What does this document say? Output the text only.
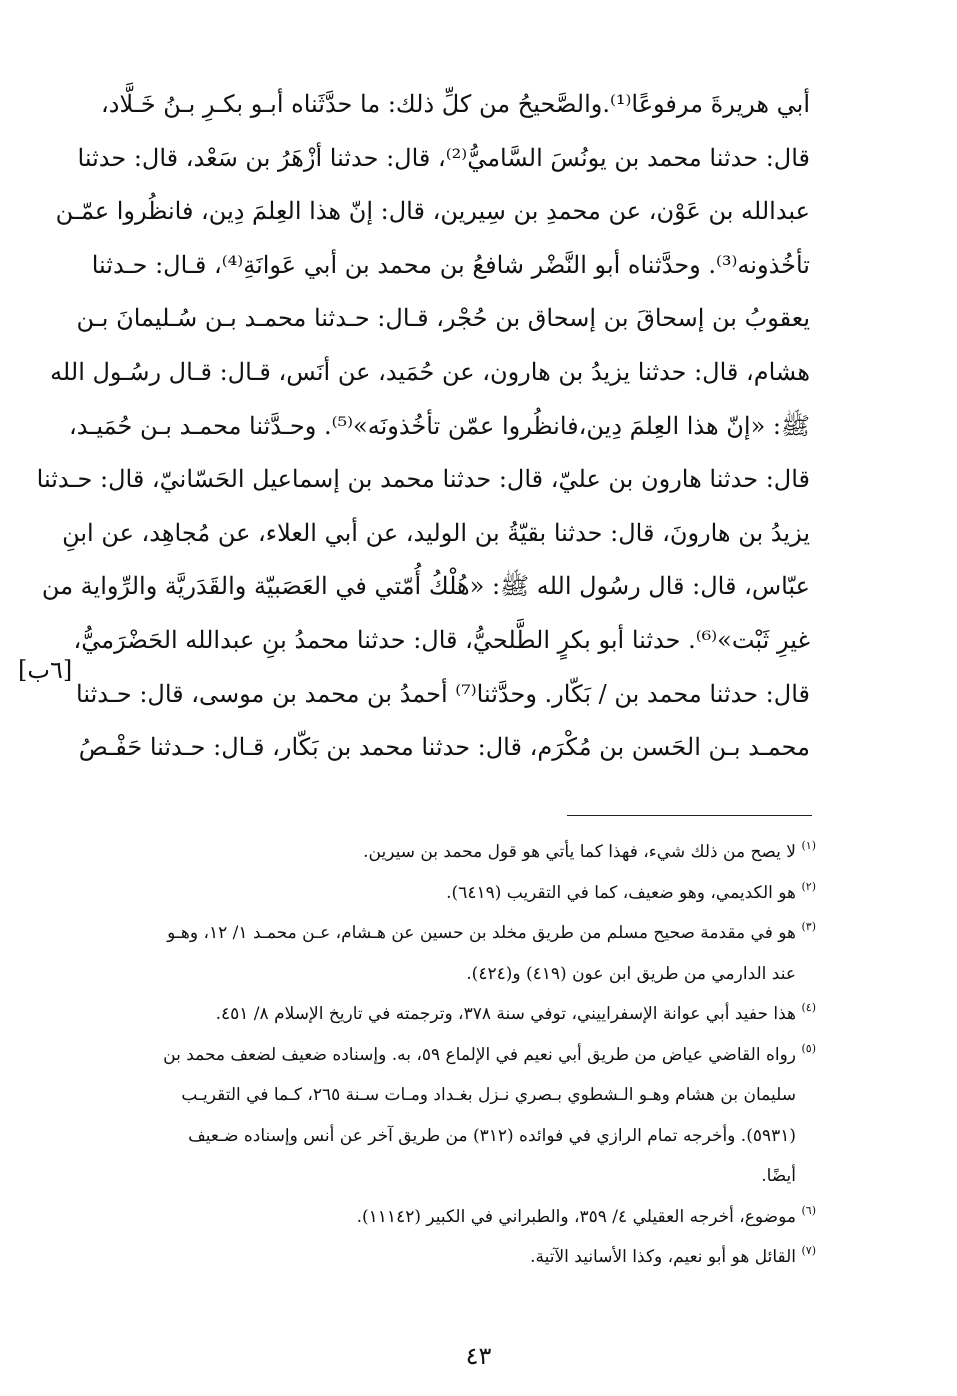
أبي هريرةَ مرفوعًا⁽¹⁾.والصَّحيحُ من كلِّ ذلك: ما حدَّثَناه أبـو بكـرِ بـنُ خَـلَّاد،
قال: حدثنا محمد بن يونُسَ السَّاميُّ⁽²⁾، قال: حدثنا أزْهَرُ بن سَعْد، قال: حدثنا
عبدالله بن عَوْن، عن محمدِ بن سِيرين، قال: إنّ هذا العِلمَ دِين، فانظُروا عمّـن
تأخُذونه⁽³⁾. وحدَّثناه أبو النَّضْر شافعُ بن محمد بن أبي عَوانَةِ⁽⁴⁾، قـال: حـدثنا
يعقوبُ بن إسحاقَ بن إسحاق بن حُجْر، قـال: حـدثنا محمـد بـن سُـليمانَ بـن
هشام، قال: حدثنا يزيدُ بن هارون، عن حُمَيد، عن أنَس، قـال: قـال رسُـول الله
ﷺ: «إنّ هذا العِلمَ دِين،فانظُروا عمّن تأخُذونَه»⁽⁵⁾. وحـدَّثنا محمـد بـن حُمَيـد،
قال: حدثنا هارون بن عليّ، قال: حدثنا محمد بن إسماعيل الحَسّانيّ، قال: حـدثنا
يزيدُ بن هارونَ، قال: حدثنا بقيّةُ بن الوليد، عن أبي العلاء، عن مُجاهِد، عن ابنِ
عبّاس، قال: قال رسُول الله ﷺ: «هُلْكُ أُمّتي في العَصَبيّة والقَدَريَّة والرِّواية من
غيرِ ثَبْت»⁽⁶⁾. حدثنا أبو بكرٍ الطَّلحيُّ، قال: حدثنا محمدُ بنِ عبدالله الحَضْرَميُّ،
قال: حدثنا محمد بن / بَكّار. وحدَّثنا⁽⁷⁾ أحمدُ بن محمد بن موسى، قال: حـدثنا
محمـد بـن الحَسن بن مُكْرَم، قال: حدثنا محمد بن بَكّار، قـال: حـدثنا حَفْـصُ
[٦ب]
(١)
لا يصح من ذلك شيء، فهذا كما يأتي هو قول محمد بن سيرين.
(٢)
هو الكديمي، وهو ضعيف، كما في التقريب (٦٤١٩).
(٣)
هو في مقدمة صحيح مسلم من طريق مخلد بن حسين عن هـشام، عـن محمـد ١/ ١٢، وهـو
عند الدارمي من طريق ابن عون (٤١٩) و(٤٢٤).
(٤)
هذا حفيد أبي عوانة الإسفراييني، توفي سنة ٣٧٨، وترجمته في تاريخ الإسلام ٨/ ٤٥١.
(٥)
رواه القاضي عياض من طريق أبي نعيم في الإلماع ٥٩، به. وإسناده ضعيف لضعف محمد بن
سليمان بن هشام وهـو الـشطوي بـصري نـزل بغـداد ومـات سـنة ٢٦٥، كـما في التقريـب
(٥٩٣١). وأخرجه تمام الرازي في فوائده (٣١٢) من طريق آخر عن أنس وإسناده ضـعيف
أيضًا.
(٦)
موضوع، أخرجه العقيلي ٤/ ٣٥٩، والطبراني في الكبير (١١١٤٢).
(٧)
القائل هو أبو نعيم، وكذا الأسانيد الآتية.
٤٣
